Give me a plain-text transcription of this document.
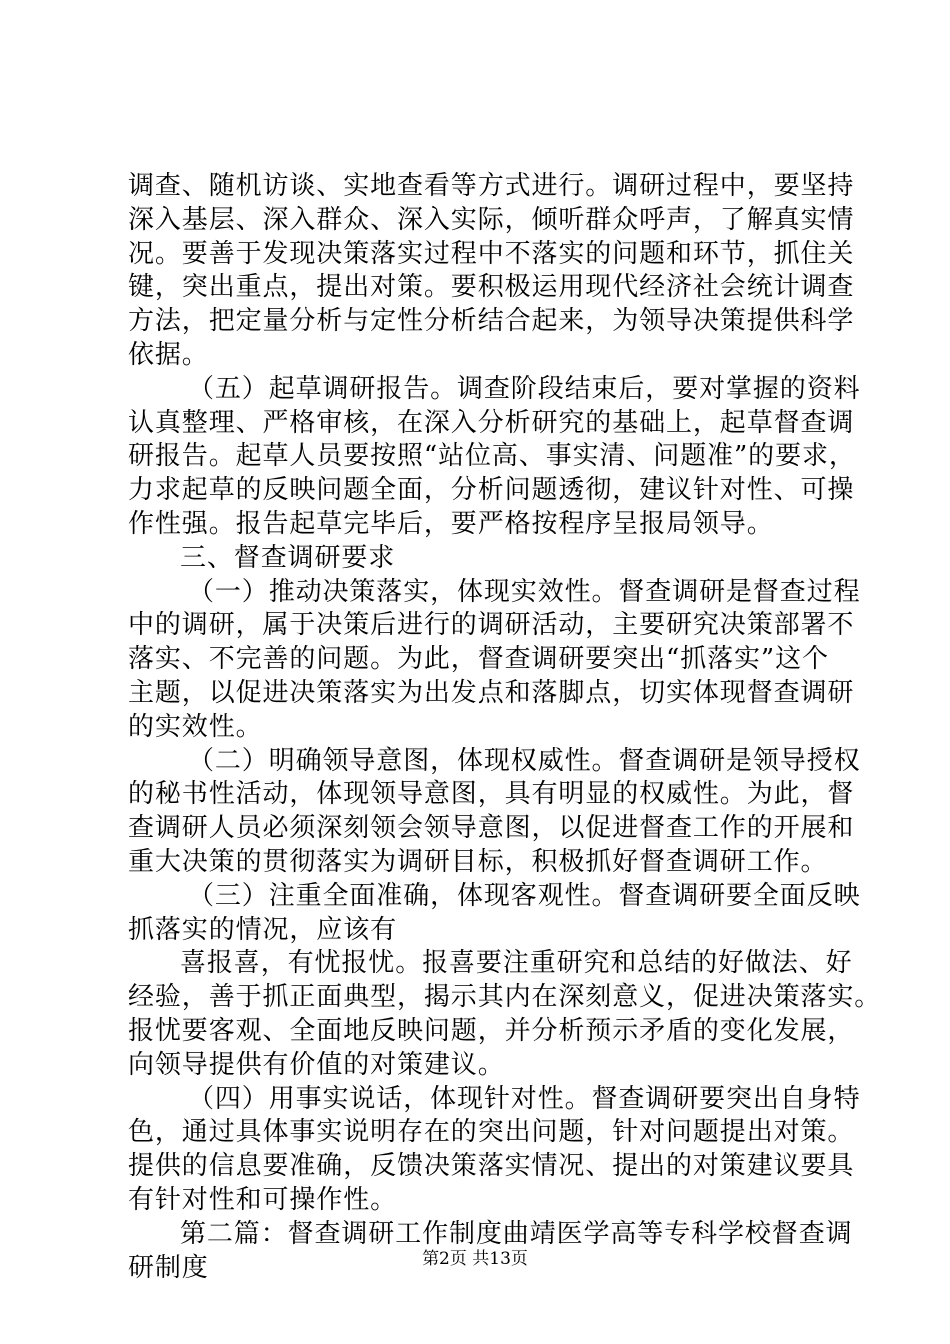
调查、随机访谈、实地查看等方式进行。调研过程中，要坚持
深入基层、深入群众、深入实际，倾听群众呼声，了解真实情
况。要善于发现决策落实过程中不落实的问题和环节，抓住关
键，突出重点，提出对策。要积极运用现代经济社会统计调查
方法，把定量分析与定性分析结合起来，为领导决策提供科学
依据。
（五）起草调研报告。调查阶段结束后，要对掌握的资料
认真整理、严格审核，在深入分析研究的基础上，起草督查调
研报告。起草人员要按照“站位高、事实清、问题准”的要求，
力求起草的反映问题全面，分析问题透彻，建议针对性、可操
作性强。报告起草完毕后，要严格按程序呈报局领导。
三、督查调研要求
（一）推动决策落实，体现实效性。督查调研是督查过程
中的调研，属于决策后进行的调研活动，主要研究决策部署不
落实、不完善的问题。为此，督查调研要突出“抓落实”这个
主题，以促进决策落实为出发点和落脚点，切实体现督查调研
的实效性。
（二）明确领导意图，体现权威性。督查调研是领导授权
的秘书性活动，体现领导意图，具有明显的权威性。为此，督
查调研人员必须深刻领会领导意图，以促进督查工作的开展和
重大决策的贯彻落实为调研目标，积极抓好督查调研工作。
（三）注重全面准确，体现客观性。督查调研要全面反映
抓落实的情况，应该有
喜报喜，有忧报忧。报喜要注重研究和总结的好做法、好
经验，善于抓正面典型，揭示其内在深刻意义，促进决策落实。
报忧要客观、全面地反映问题，并分析预示矛盾的变化发展，
向领导提供有价值的对策建议。
（四）用事实说话，体现针对性。督查调研要突出自身特
色，通过具体事实说明存在的突出问题，针对问题提出对策。
提供的信息要准确，反馈决策落实情况、提出的对策建议要具
有针对性和可操作性。
第二篇：督查调研工作制度曲靖医学高等专科学校督查调
研制度	第2页 共13页
